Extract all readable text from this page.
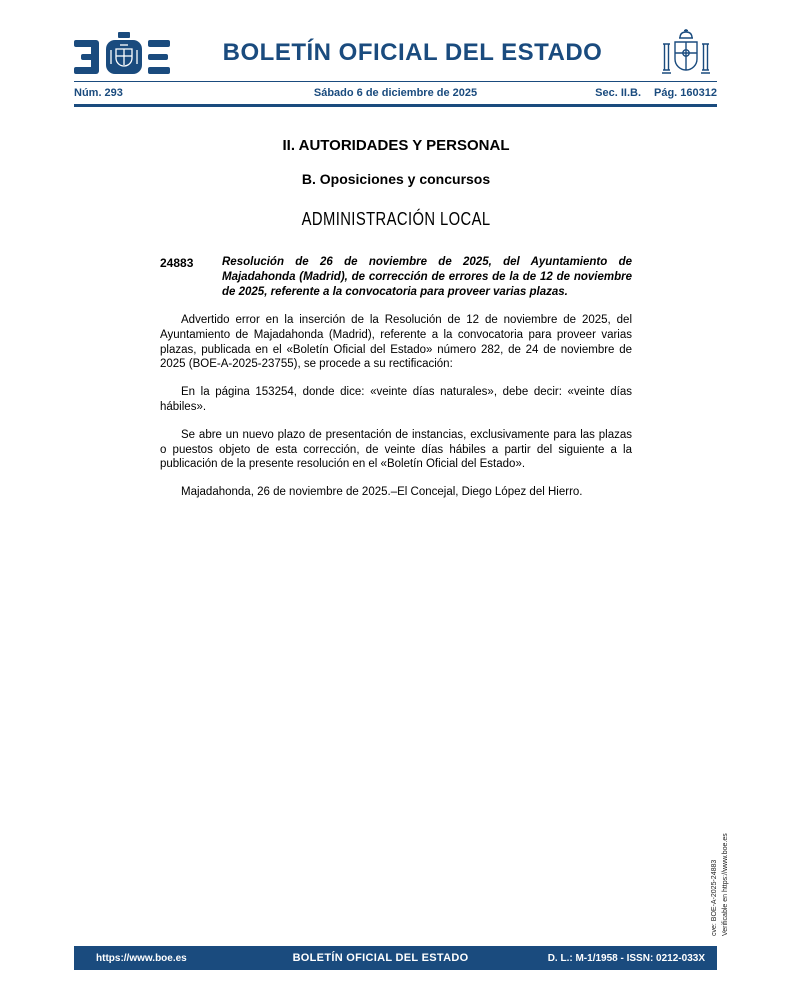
BOLETÍN OFICIAL DEL ESTADO
Núm. 293	Sábado 6 de diciembre de 2025	Sec. II.B. Pág. 160312
II. AUTORIDADES Y PERSONAL
B. Oposiciones y concursos
ADMINISTRACIÓN LOCAL
24883	Resolución de 26 de noviembre de 2025, del Ayuntamiento de Majadahonda (Madrid), de corrección de errores de la de 12 de noviembre de 2025, referente a la convocatoria para proveer varias plazas.

Advertido error en la inserción de la Resolución de 12 de noviembre de 2025, del Ayuntamiento de Majadahonda (Madrid), referente a la convocatoria para proveer varias plazas, publicada en el «Boletín Oficial del Estado» número 282, de 24 de noviembre de 2025 (BOE-A-2025-23755), se procede a su rectificación:

En la página 153254, donde dice: «veinte días naturales», debe decir: «veinte días hábiles».

Se abre un nuevo plazo de presentación de instancias, exclusivamente para las plazas o puestos objeto de esta corrección, de veinte días hábiles a partir del siguiente a la publicación de la presente resolución en el «Boletín Oficial del Estado».

Majadahonda, 26 de noviembre de 2025.–El Concejal, Diego López del Hierro.

cve: BOE-A-2025-24883 Verificable en https://www.boe.es
https://www.boe.es	BOLETÍN OFICIAL DEL ESTADO	D. L.: M-1/1958 - ISSN: 0212-033X
